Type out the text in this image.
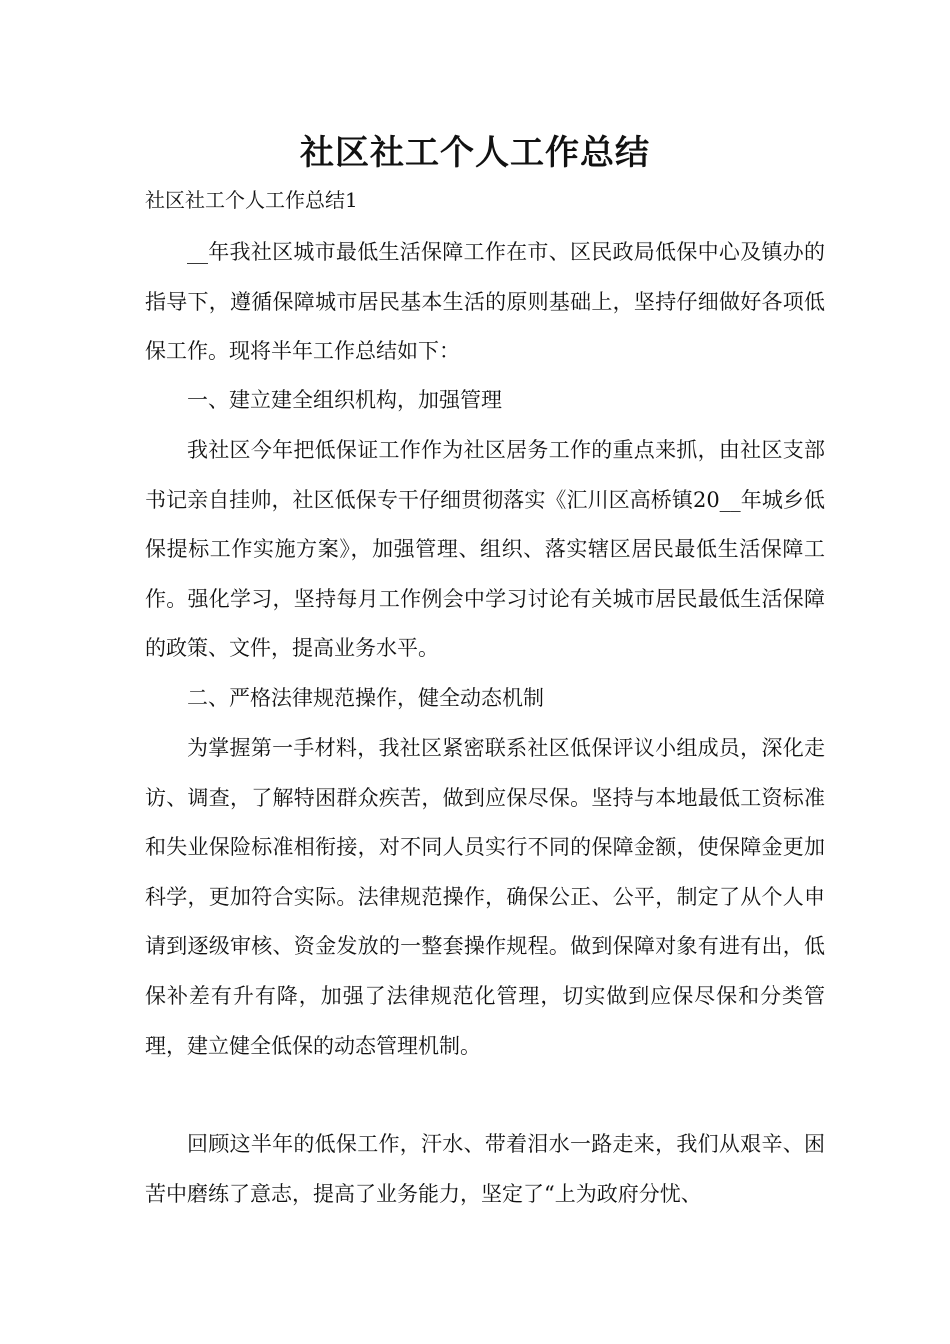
社区社工个人工作总结
社区社工个人工作总结1

__年我社区城市最低生活保障工作在市、区民政局低保中心及镇办的指导下，遵循保障城市居民基本生活的原则基础上，坚持仔细做好各项低保工作。现将半年工作总结如下：

一、建立建全组织机构，加强管理

我社区今年把低保证工作作为社区居务工作的重点来抓，由社区支部书记亲自挂帅，社区低保专干仔细贯彻落实《汇川区高桥镇20__年城乡低保提标工作实施方案》，加强管理、组织、落实辖区居民最低生活保障工作。强化学习，坚持每月工作例会中学习讨论有关城市居民最低生活保障的政策、文件，提高业务水平。

二、严格法律规范操作，健全动态机制

为掌握第一手材料，我社区紧密联系社区低保评议小组成员，深化走访、调查，了解特困群众疾苦，做到应保尽保。坚持与本地最低工资标准和失业保险标准相衔接，对不同人员实行不同的保障金额，使保障金更加科学，更加符合实际。法律规范操作，确保公正、公平，制定了从个人申请到逐级审核、资金发放的一整套操作规程。做到保障对象有进有出，低保补差有升有降，加强了法律规范化管理，切实做到应保尽保和分类管理，建立健全低保的动态管理机制。

回顾这半年的低保工作，汗水、带着泪水一路走来，我们从艰辛、困苦中磨练了意志，提高了业务能力，坚定了“上为政府分忧、
